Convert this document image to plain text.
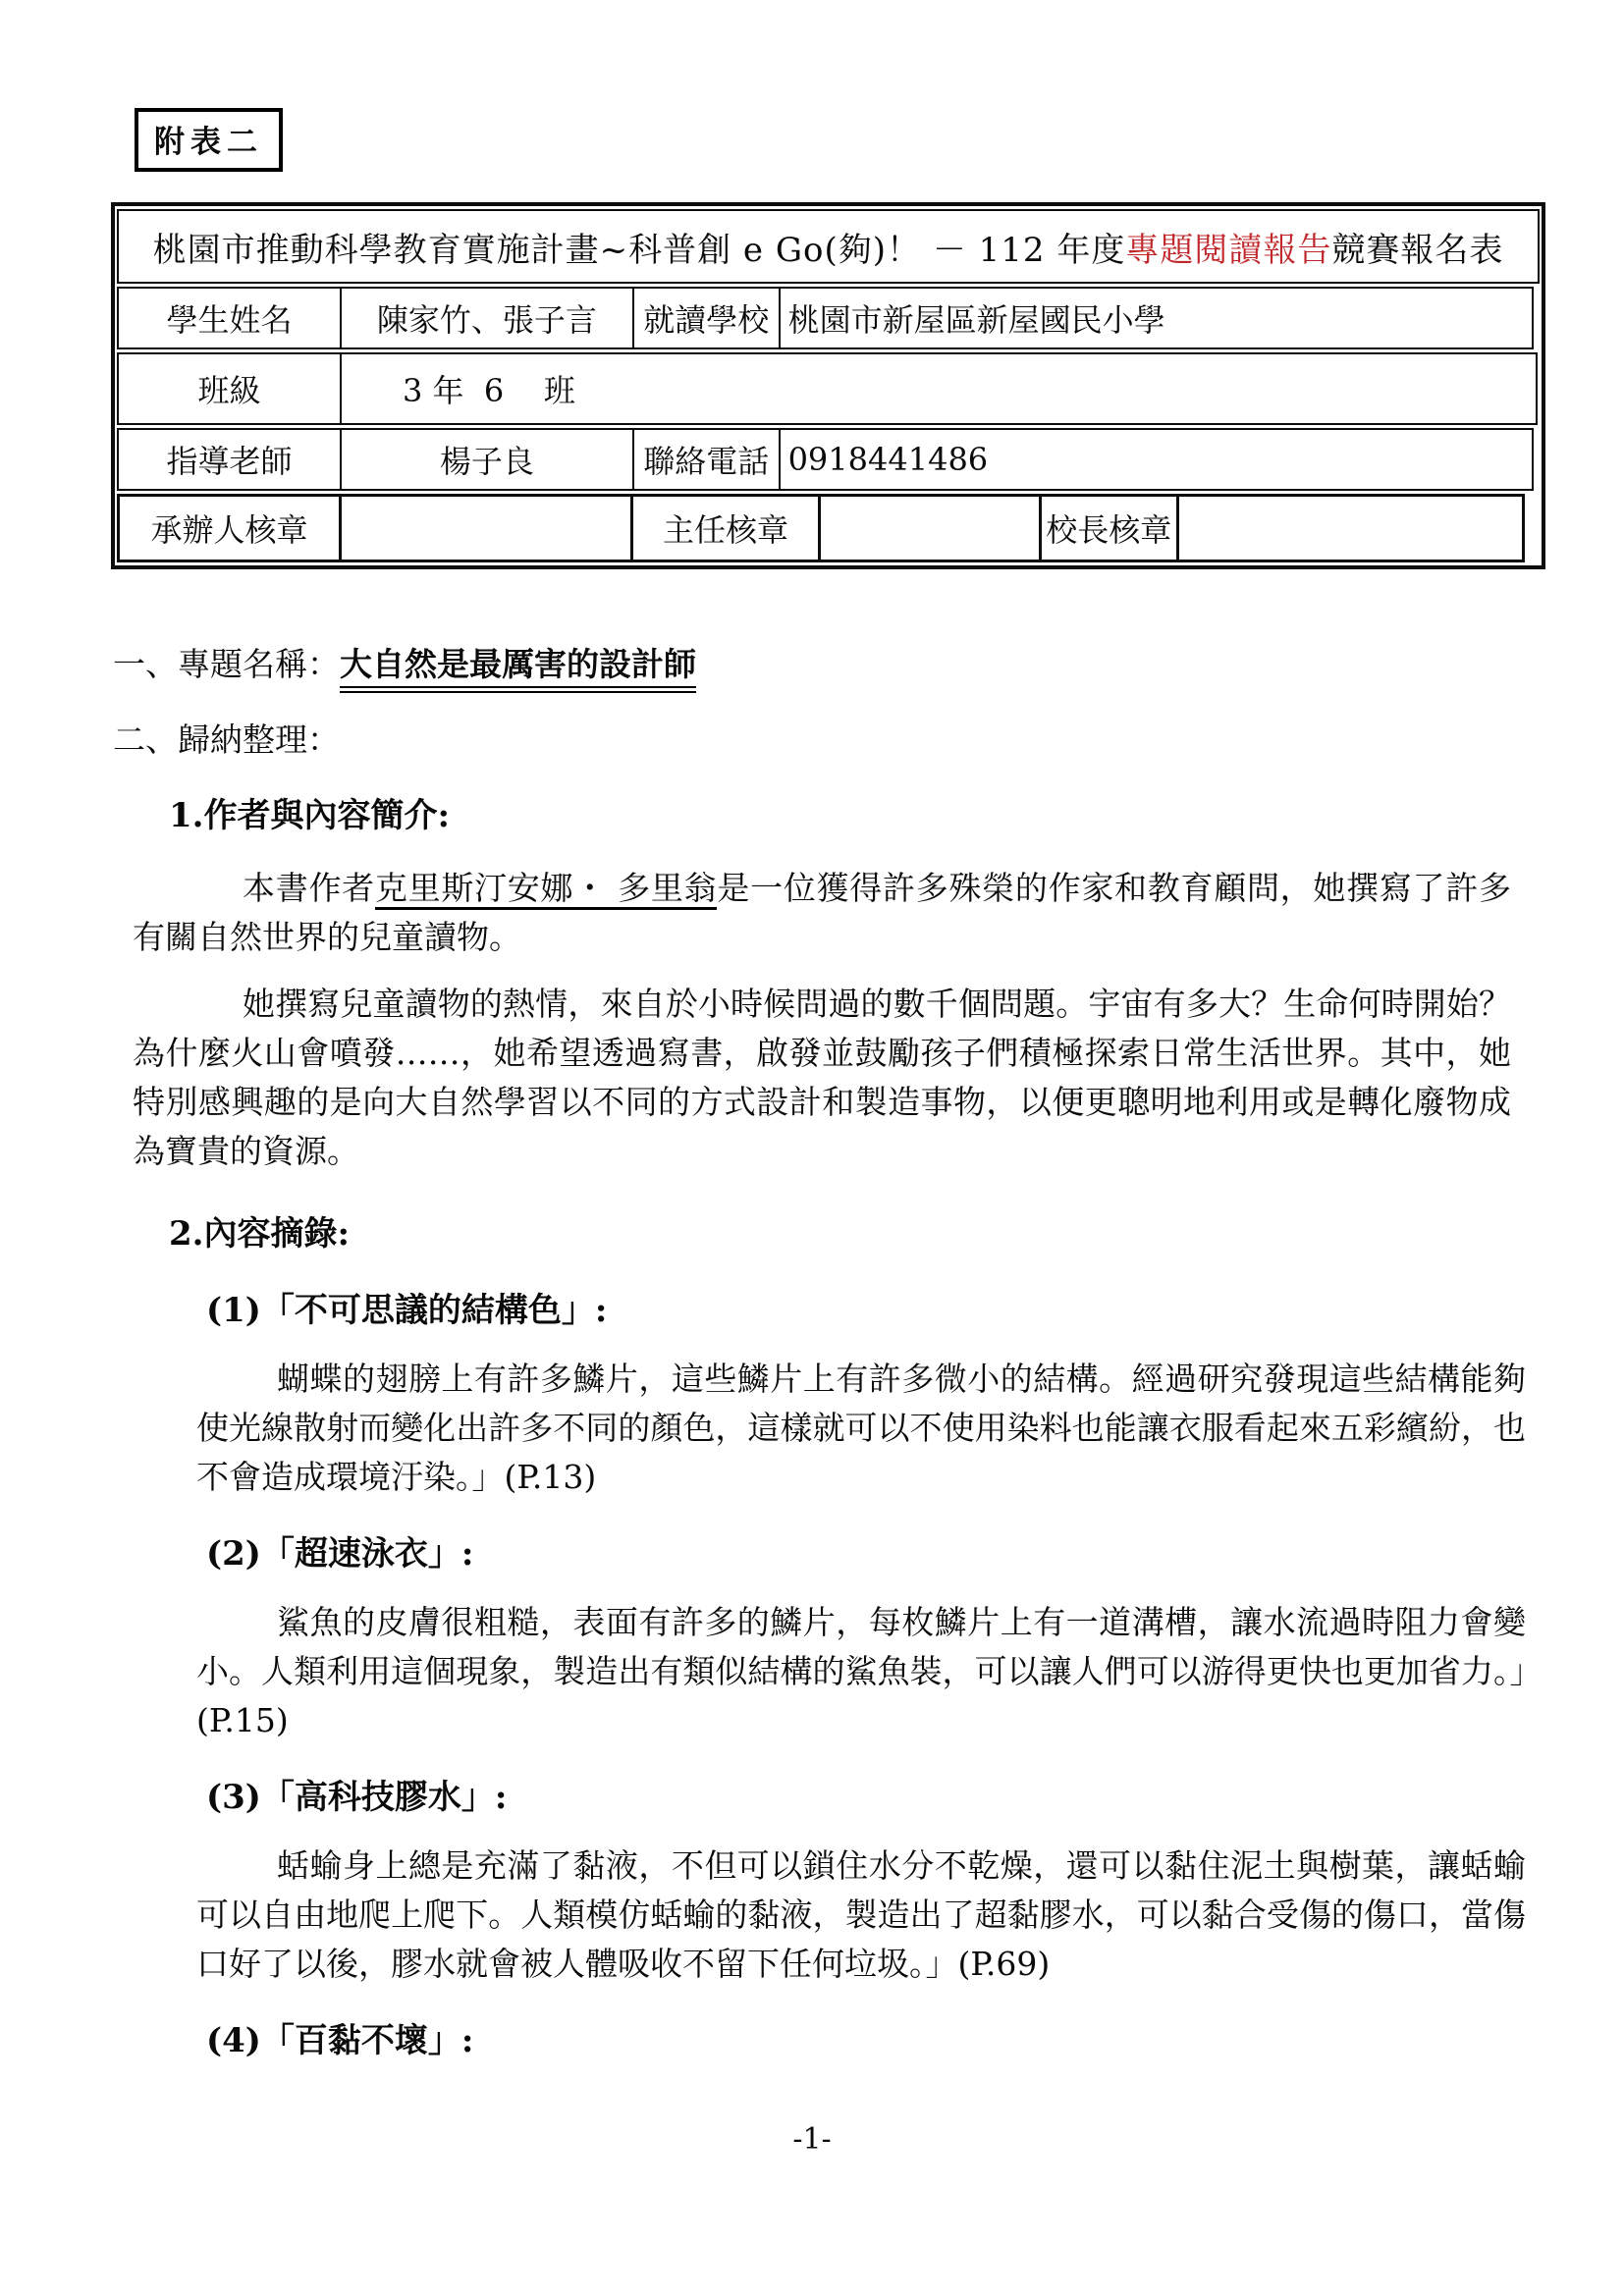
附表二
桃園市推動科學教育實施計畫~科普創 e Go(夠)！ － 112 年度 專題閱讀報告 競賽報名表
學生姓名	陳家竹、張子言	就讀學校 桃園市新屋區新屋國民小學
班級	3 年  6    班
指導老師	楊子良	聯絡電話 0918441486
承辦人核章	主任核章	校長核章
一、專題名稱：大自然是最厲害的設計師
二、歸納整理：
1.作者與內容簡介:
本書作者克里斯汀安娜・ 多里翁是一位獲得許多殊榮的作家和教育顧問，她撰寫了許多有關自然世界的兒童讀物。
她撰寫兒童讀物的熱情，來自於小時候問過的數千個問題。宇宙有多大？生命何時開始？為什麼火山會噴發……，她希望透過寫書，啟發並鼓勵孩子們積極探索日常生活世界。其中，她特別感興趣的是向大自然學習以不同的方式設計和製造事物，以便更聰明地利用或是轉化廢物成為寶貴的資源。
2.內容摘錄:
(1)「不可思議的結構色」:
蝴蝶的翅膀上有許多鱗片，這些鱗片上有許多微小的結構。經過研究發現這些結構能夠使光線散射而變化出許多不同的顏色，這樣就可以不使用染料也能讓衣服看起來五彩繽紛，也不會造成環境汙染。」(P.13)
(2)「超速泳衣」:
鯊魚的皮膚很粗糙，表面有許多的鱗片，每枚鱗片上有一道溝槽，讓水流過時阻力會變小。人類利用這個現象，製造出有類似結構的鯊魚裝，可以讓人們可以游得更快也更加省力。」(P.15)
(3)「高科技膠水」:
蛞蝓身上總是充滿了黏液，不但可以鎖住水分不乾燥，還可以黏住泥土與樹葉，讓蛞蝓可以自由地爬上爬下。人類模仿蛞蝓的黏液，製造出了超黏膠水，可以黏合受傷的傷口，當傷口好了以後，膠水就會被人體吸收不留下任何垃圾。」(P.69)
(4)「百黏不壞」:
-1-
